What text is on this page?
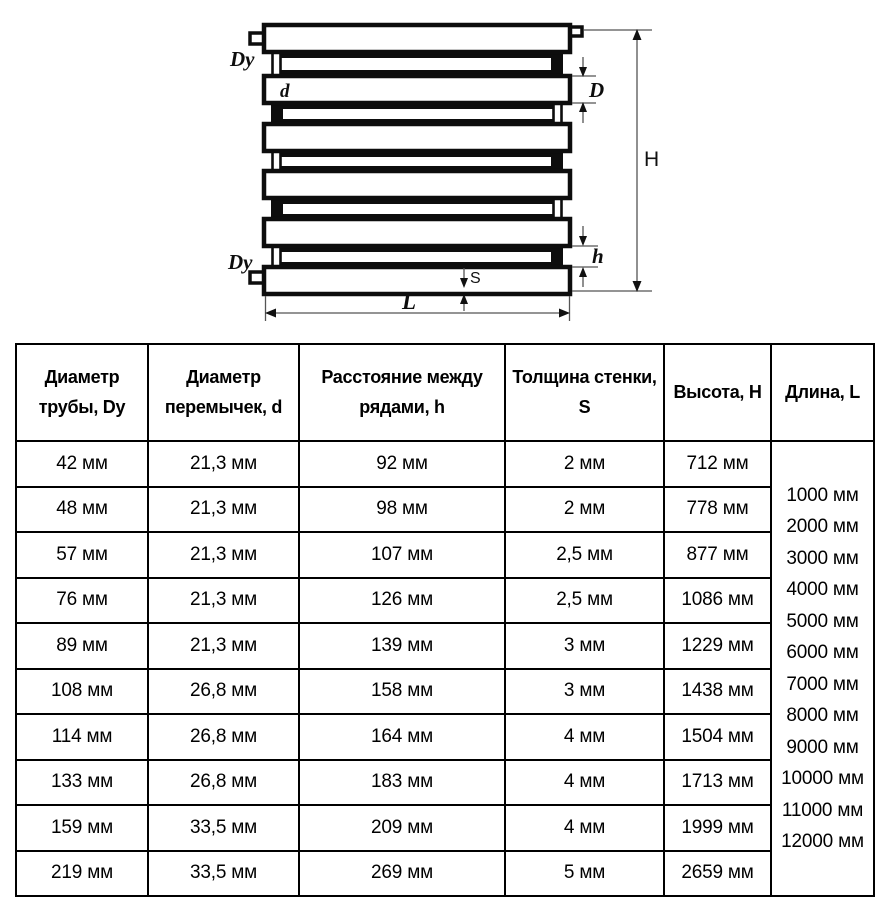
Dy
d	D
H
h
Dy
S
L
Диаметр трубы, Dy	Диаметр перемычек, d	Расстояние между рядами, h	Толщина стенки, S	Высота, H	Длина, L
42 мм	21,3 мм	92 мм	2 мм	712 мм	
1000 мм
2000 мм
3000 мм
4000 мм
5000 мм
6000 мм
7000 мм
8000 мм
9000 мм
10000 мм
11000 мм
12000 мм

48 мм	21,3 мм	98 мм	2 мм	778 мм	
57 мм	21,3 мм	107 мм	2,5 мм	877 мм	
76 мм	21,3 мм	126 мм	2,5 мм	1086 мм	
89 мм	21,3 мм	139 мм	3 мм	1229 мм	
108 мм	26,8 мм	158 мм	3 мм	1438 мм	
114 мм	26,8 мм	164 мм	4 мм	1504 мм	
133 мм	26,8 мм	183 мм	4 мм	1713 мм	
159 мм	33,5 мм	209 мм	4 мм	1999 мм	
219 мм	33,5 мм	269 мм	5 мм	2659 мм	
